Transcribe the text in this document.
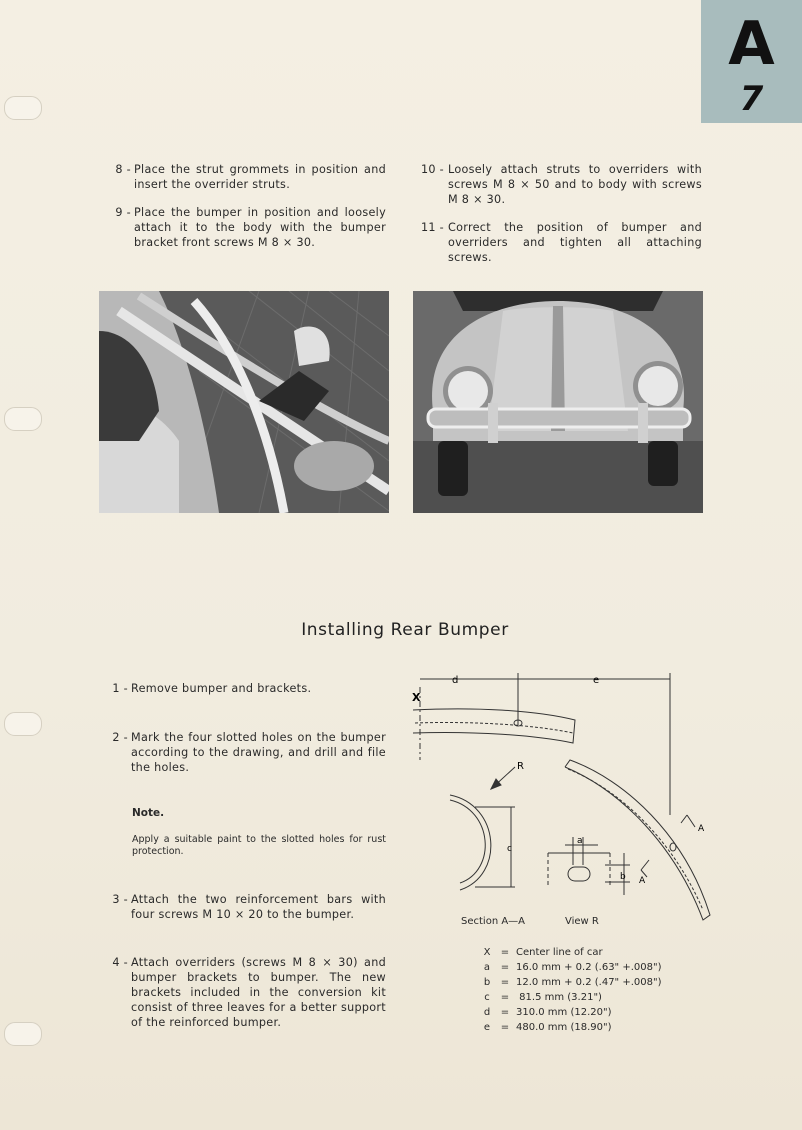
A
7
8 - Place the strut grommets in position and insert the overrider struts.
9 - Place the bumper in position and loosely attach it to the body with the bumper bracket front screws M 8 × 30.
10 - Loosely attach struts to overriders with screws M 8 × 50 and to body with screws M 8 × 30.
11 - Correct the position of bumper and overriders and tighten all attaching screws.
Installing Rear Bumper
1 - Remove bumper and brackets.
2 - Mark the four slotted holes on the bumper according to the drawing, and drill and file the holes.
Note.
Apply a suitable paint to the slotted holes for rust protection.
3 - Attach the two reinforcement bars with four screws M 10 × 20 to the bumper.
4 - Attach overriders (screws M 8 × 30) and bumper brackets to bumper. The new brackets included in the conversion kit consist of three leaves for a better support of the reinforced bumper.
X
d	e
R
a
b
c
A
A
Section A—A	View R
X	= Center line of car
a	= 16.0 mm + 0.2 (.63" +.008")
b	= 12.0 mm + 0.2 (.47" +.008")
c	= 81.5 mm (3.21")
d	= 310.0 mm (12.20")
e	= 480.0 mm (18.90")
